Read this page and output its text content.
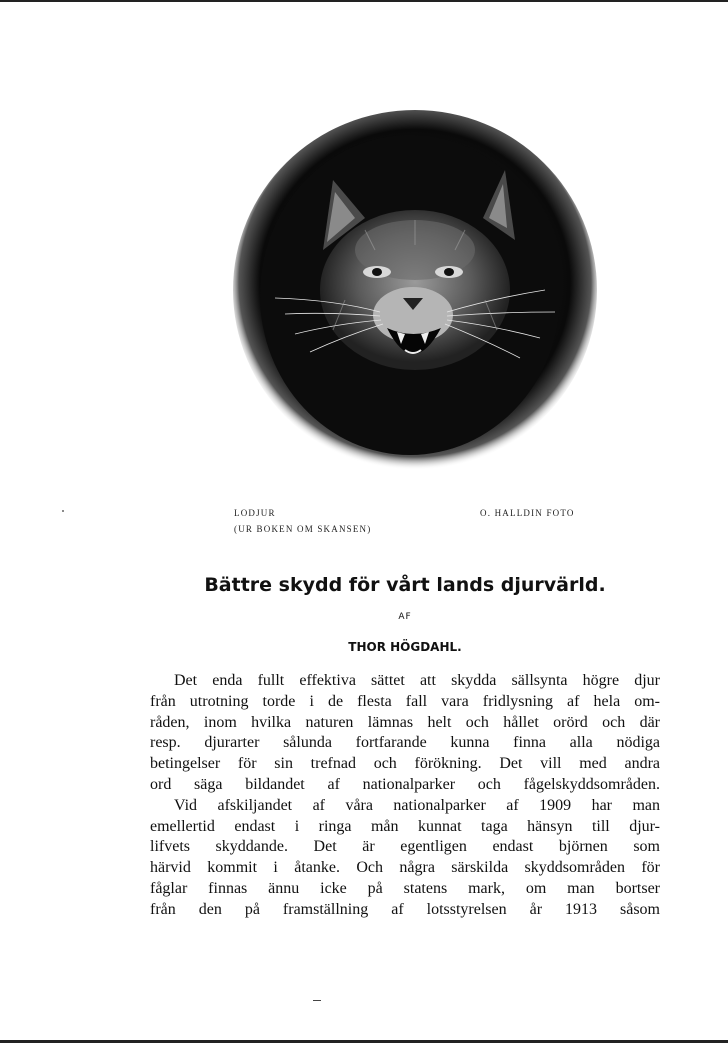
LODJUR
(UR BOKEN OM SKANSEN)
O. HALLDIN FOTO
Bättre skydd för vårt lands djurvärld.
AF
THOR HÖGDAHL.
Det enda fullt effektiva sättet att skydda sällsynta högre djur
från utrotning torde i de flesta fall vara fridlysning af hela om-
råden, inom hvilka naturen lämnas helt och hållet orörd och där
resp. djurarter sålunda fortfarande kunna finna alla nödiga
betingelser för sin trefnad och förökning. Det vill med andra
ord säga bildandet af nationalparker och fågelskyddsområden.
Vid afskiljandet af våra nationalparker af 1909 har man
emellertid endast i ringa mån kunnat taga hänsyn till djur-
lifvets skyddande. Det är egentligen endast björnen som
härvid kommit i åtanke. Och några särskilda skyddsområden för
fåglar finnas ännu icke på statens mark, om man bortser
från den på framställning af lotsstyrelsen år 1913 såsom
